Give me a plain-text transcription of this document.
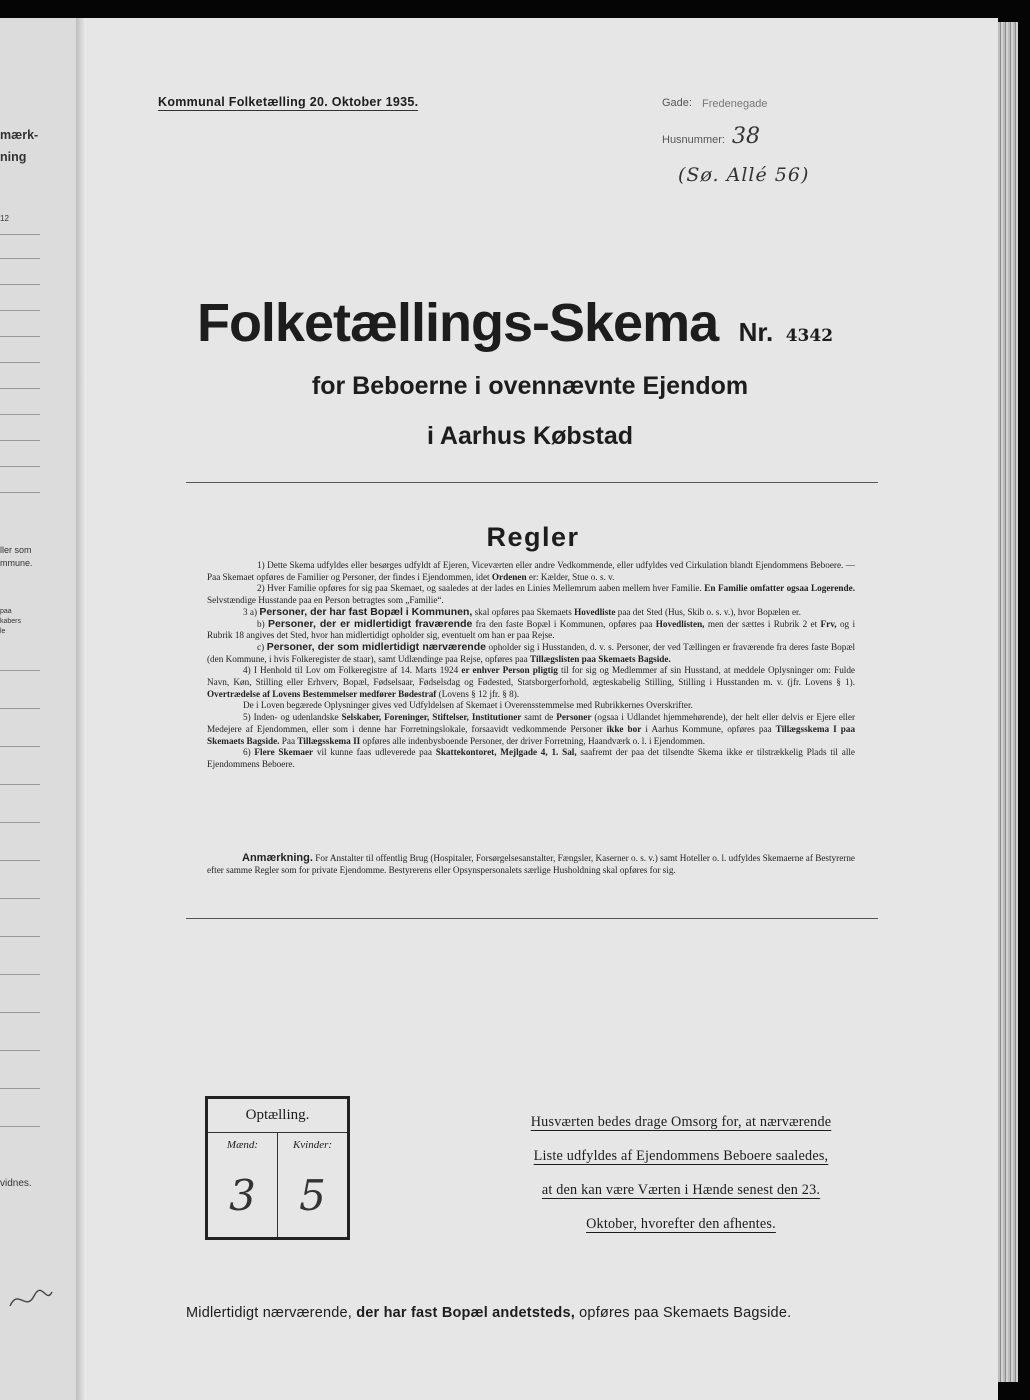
mærk-
ning
12
ller som
mmune.
paa
kabers
le
vidnes.
Kommunal Folketælling 20. Oktober 1935.	Gade: Fredenegade
Husnummer: 38
(Sø. Allé 56)
Folketællings-Skema Nr. 4342
for Beboerne i ovennævnte Ejendom
i Aarhus Købstad
Regler

1) Dette Skema udfyldes eller besørges udfyldt af Ejeren, Viceværten eller andre Vedkommende, eller udfyldes ved Cirkulation blandt Ejendommens Beboere. — Paa Skemaet opføres de Familier og Personer, der findes i Ejendommen, idet Ordenen er: Kælder, Stue o. s. v.

2) Hver Familie opføres for sig paa Skemaet, og saaledes at der lades en Linies Mellemrum aaben mellem hver Familie. En Familie omfatter ogsaa Logerende. Selvstændige Husstande paa en Person betragtes som „Familie“.

3 a) Personer, der har fast Bopæl i Kommunen, skal opføres paa Skemaets Hovedliste paa det Sted (Hus, Skib o. s. v.), hvor Bopælen er.

b) Personer, der er midlertidigt fraværende fra den faste Bopæl i Kommunen, opføres paa Hovedlisten, men der sættes i Rubrik 2 et Frv, og i Rubrik 18 angives det Sted, hvor han midlertidigt opholder sig, eventuelt om han er paa Rejse.

c) Personer, der som midlertidigt nærværende opholder sig i Husstanden, d. v. s. Personer, der ved Tællingen er fraværende fra deres faste Bopæl (den Kommune, i hvis Folkeregister de staar), samt Udlændinge paa Rejse, opføres paa Tillægslisten paa Skemaets Bagside.

4) I Henhold til Lov om Folkeregistre af 14. Marts 1924 er enhver Person pligtig til for sig og Medlemmer af sin Husstand, at meddele Oplysninger om: Fulde Navn, Køn, Stilling eller Erhverv, Bopæl, Fødselsaar, Fødselsdag og Fødested, Statsborgerforhold, ægteskabelig Stilling, Stilling i Husstanden m. v. (jfr. Lovens § 1). Overtrædelse af Lovens Bestemmelser medfører Bødestraf (Lovens § 12 jfr. § 8).

De i Loven begærede Oplysninger gives ved Udfyldelsen af Skemaet i Overensstemmelse med Rubrikkernes Overskrifter.

5) Inden- og udenlandske Selskaber, Foreninger, Stiftelser, Institutioner samt de Personer (ogsaa i Udlandet hjemmehørende), der helt eller delvis er Ejere eller Medejere af Ejendommen, eller som i denne har Forretningslokale, forsaavidt vedkommende Personer ikke bor i Aarhus Kommune, opføres paa Tillægsskema I paa Skemaets Bagside. Paa Tillægsskema II opføres alle indenbysboende Personer, der driver Forretning, Haandværk o. l. i Ejendommen.

6) Flere Skemaer vil kunne faas udleverede paa Skattekontoret, Mejlgade 4, 1. Sal, saafremt der paa det tilsendte Skema ikke er tilstrækkelig Plads til alle Ejendommens Beboere.

Anmærkning. For Anstalter til offentlig Brug (Hospitaler, Forsørgelsesanstalter, Fængsler, Kaserner o. s. v.) samt Hoteller o. l. udfyldes Skemaerne af Bestyrerne efter samme Regler som for private Ejendomme. Bestyrerens eller Opsynspersonalets særlige Husholdning skal opføres for sig.
Optælling.
Mænd:	Kvinder:
3	5
Husværten bedes drage Omsorg for, at nærværende
Liste udfyldes af Ejendommens Beboere saaledes,
at den kan være Værten i Hænde senest den 23.
Oktober, hvorefter den afhentes.
Midlertidigt nærværende, der har fast Bopæl andetsteds, opføres paa Skemaets Bagside.
